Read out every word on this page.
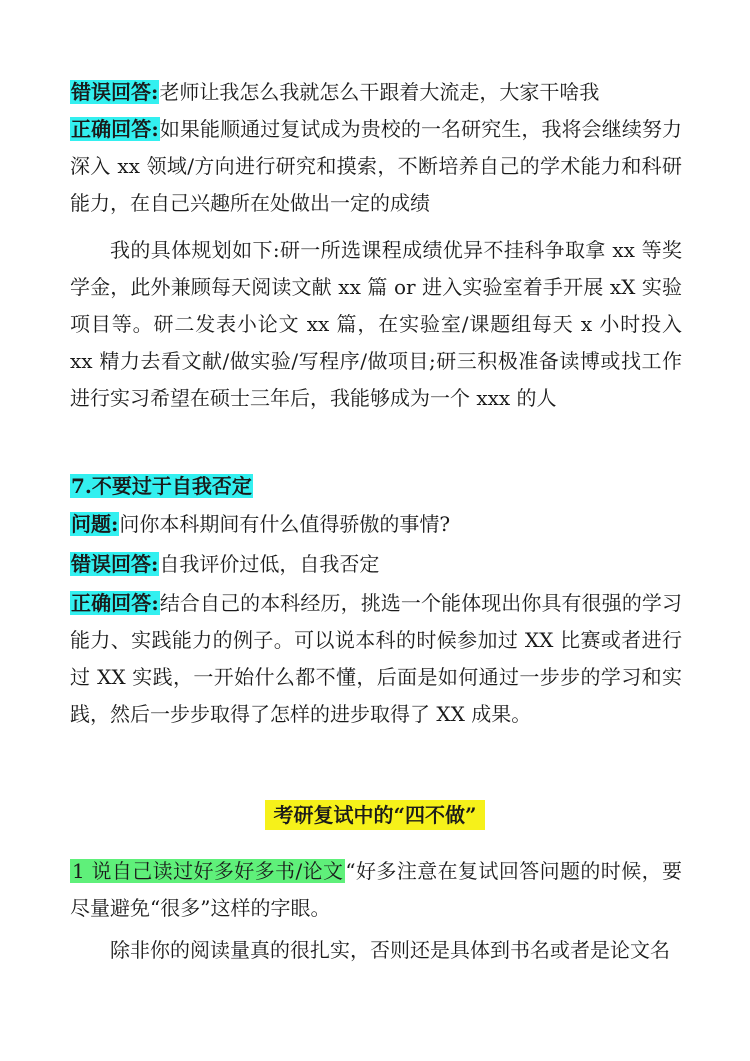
错误回答:老师让我怎么我就怎么干跟着大流走，大家干啥我

正确回答:如果能顺通过复试成为贵校的一名研究生，我将会继续努力深入 xx 领域/方向进行研究和摸索，不断培养自己的学术能力和科研能力，在自己兴趣所在处做出一定的成绩

我的具体规划如下:研一所选课程成绩优异不挂科争取拿 xx 等奖学金，此外兼顾每天阅读文献 xx 篇 or 进入实验室着手开展 xX 实验项目等。研二发表小论文 xx 篇，在实验室/课题组每天 x 小时投入 xx 精力去看文献/做实验/写程序/做项目;研三积极准备读博或找工作进行实习希望在硕士三年后，我能够成为一个 xxx 的人

7.不要过于自我否定

问题:问你本科期间有什么值得骄傲的事情?

错误回答:自我评价过低，自我否定

正确回答:结合自己的本科经历，挑选一个能体现出你具有很强的学习能力、实践能力的例子。可以说本科的时候参加过 XX 比赛或者进行过 XX 实践，一开始什么都不懂，后面是如何通过一步步的学习和实践，然后一步步取得了怎样的进步取得了 XX 成果。

考研复试中的“四不做”

1 说自己读过好多好多书/论文 “好多注意在复试回答问题的时候，要尽量避免“很多”这样的字眼。

除非你的阅读量真的很扎实，否则还是具体到书名或者是论文名
